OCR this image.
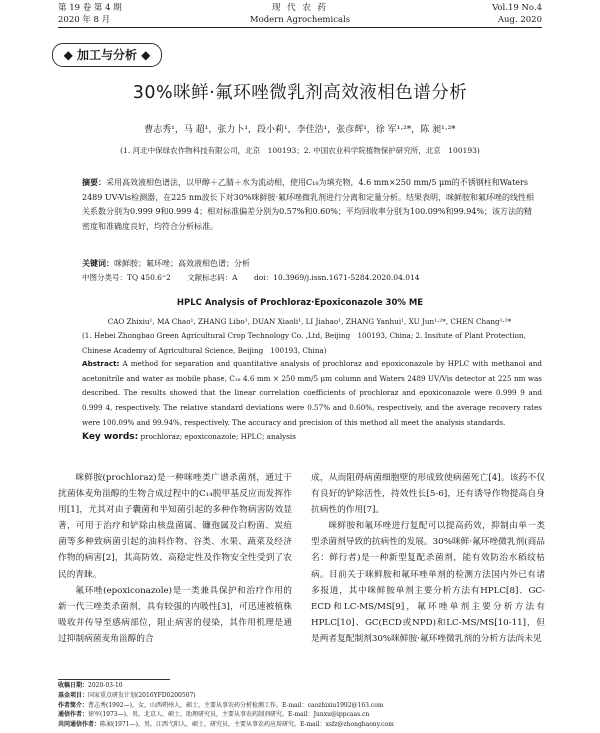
第 19 卷 第 4 期
2020 年 8 月
现 代 农 药
Modern Agrochemicals
Vol.19 No.4
Aug. 2020
◆ 加工与分析 ◆
30%咪鲜·氟环唑微乳剂高效液相色谱分析
曹志秀¹，马 超¹，张力卜¹，段小莉¹，李佳浩¹，张彦辉¹，徐 军¹·²*，陈 昶¹·²*
(1. 河北中保绿农作物科技有限公司，北京　100193；2. 中国农业科学院植物保护研究所，北京　100193)
摘要：采用高效液相色谱法，以甲醇＋乙腈＋水为流动相，使用C₁₈为填充物，4.6 mm×250 mm/5 μm的不锈钢柱和Waters 2489 UV-Vis检测器，在225 nm波长下对30%咪鲜胺·氟环唑微乳剂进行分离和定量分析。结果表明，咪鲜胺和氟环唑的线性相关系数分别为0.999 9和0.999 4；相对标准偏差分别为0.57%和0.60%；平均回收率分别为100.09%和99.94%；该方法的精密度和准确度良好，均符合分析标准。
关键词：咪鲜胺；氟环唑；高效液相色谱；分析
中图分类号：TQ 450.6⁺2 文献标志码：A doi：10.3969/j.issn.1671-5284.2020.04.014
HPLC Analysis of Prochloraz·Epoxiconazole 30% ME
CAO Zhixiu¹, MA Chao¹, ZHANG Libo¹, DUAN Xiaoli¹, LI Jiahao¹, ZHANG Yanhui¹, XU Jun¹·²*, CHEN Chang¹·²*
(1. Hebei Zhongbao Green Agricultural Crop Technology Co. ,Ltd, Beijing　100193, China; 2. Insitute of Plant Protection, Chinese Academy of Agricultural Science, Beijing　100193, China)
Abstract: A method for separation and quantitative analysis of prochloraz and epoxiconazole by HPLC with methanol and acetonitrile and water as mobile phase, C₁₈ 4.6 mm × 250 mm/5 μm column and Waters 2489 UV/Vis detector at 225 nm was described. The results showed that the linear correlation coefficients of prochloraz and epoxiconazole were 0.999 9 and 0.999 4, respectively. The relative standard deviations were 0.57% and 0.60%, respectively, and the average recovery rates were 100.09% and 99.94%, respectively. The accuracy and precision of this method all meet the analysis standards.
Key words: prochloraz; epoxiconazole; HPLC; analysis

咪鲜胺(prochloraz)是一种咪唑类广谱杀菌剂，通过干扰菌体麦角甾醇的生物合成过程中的C₁₄脱甲基反应而发挥作用[1]，尤其对由子囊菌和半知菌引起的多种作物病害防效显著，可用于治疗和铲除由核盘菌属、镰孢属及白粉菌、炭疽菌等多种致病菌引起的油料作物、谷类、水果、蔬菜及经济作物的病害[2]，其高防效、高稳定性及作物安全性受到了农民的青睐。

氟环唑(epoxiconazole)是一类兼具保护和治疗作用的新一代三唑类杀菌剂，具有较强的内吸性[3]，可迅速被植株吸收并传导至感病部位，阻止病害的侵染，其作用机理是通过抑制病菌麦角甾醇的合

成，从而阻碍病菌细胞壁的形成致使病菌死亡[4]。该药不仅有良好的铲除活性，持效性长[5-6]，还有诱导作物提高自身抗病性的作用[7]。

咪鲜胺和氟环唑进行复配可以提高药效，抑制由单一类型杀菌剂导致的抗病性的发展。30%咪鲜·氟环唑微乳剂(商品名：鲜行者)是一种新型复配杀菌剂，能有效防治水稻纹枯病。目前关于咪鲜胺和氟环唑单剂的检测方法国内外已有诸多报道，其中咪鲜胺单剂主要分析方法有HPLC[8]、GC-ECD和LC-MS/MS[9]，氟环唑单剂主要分析方法有HPLC[10]、GC(ECD或NPD)和LC-MS/MS[10-11]，但是两者复配制剂30%咪鲜胺·氟环唑微乳剂的分析方法尚未见

收稿日期：2020-03-10
基金项目：国家重点研发计划(2016YFD0200507)
作者简介：曹志秀(1992—)，女，山西朔州人，硕士，主要从事农药分析检测工作。E-mail：caozhixiu1992@163.com
通信作者：徐军(1973—)，男，北京人，硕士，助理研究员，主要从事农药制剂研究。E-mail：Junxu@ippcaas.cn
共同通信作者：陈昶(1971—)，男，江西弋阳人，硕士，研究员，主要从事农药应用研究。E-mail：xsfz@zhongbaony.com
